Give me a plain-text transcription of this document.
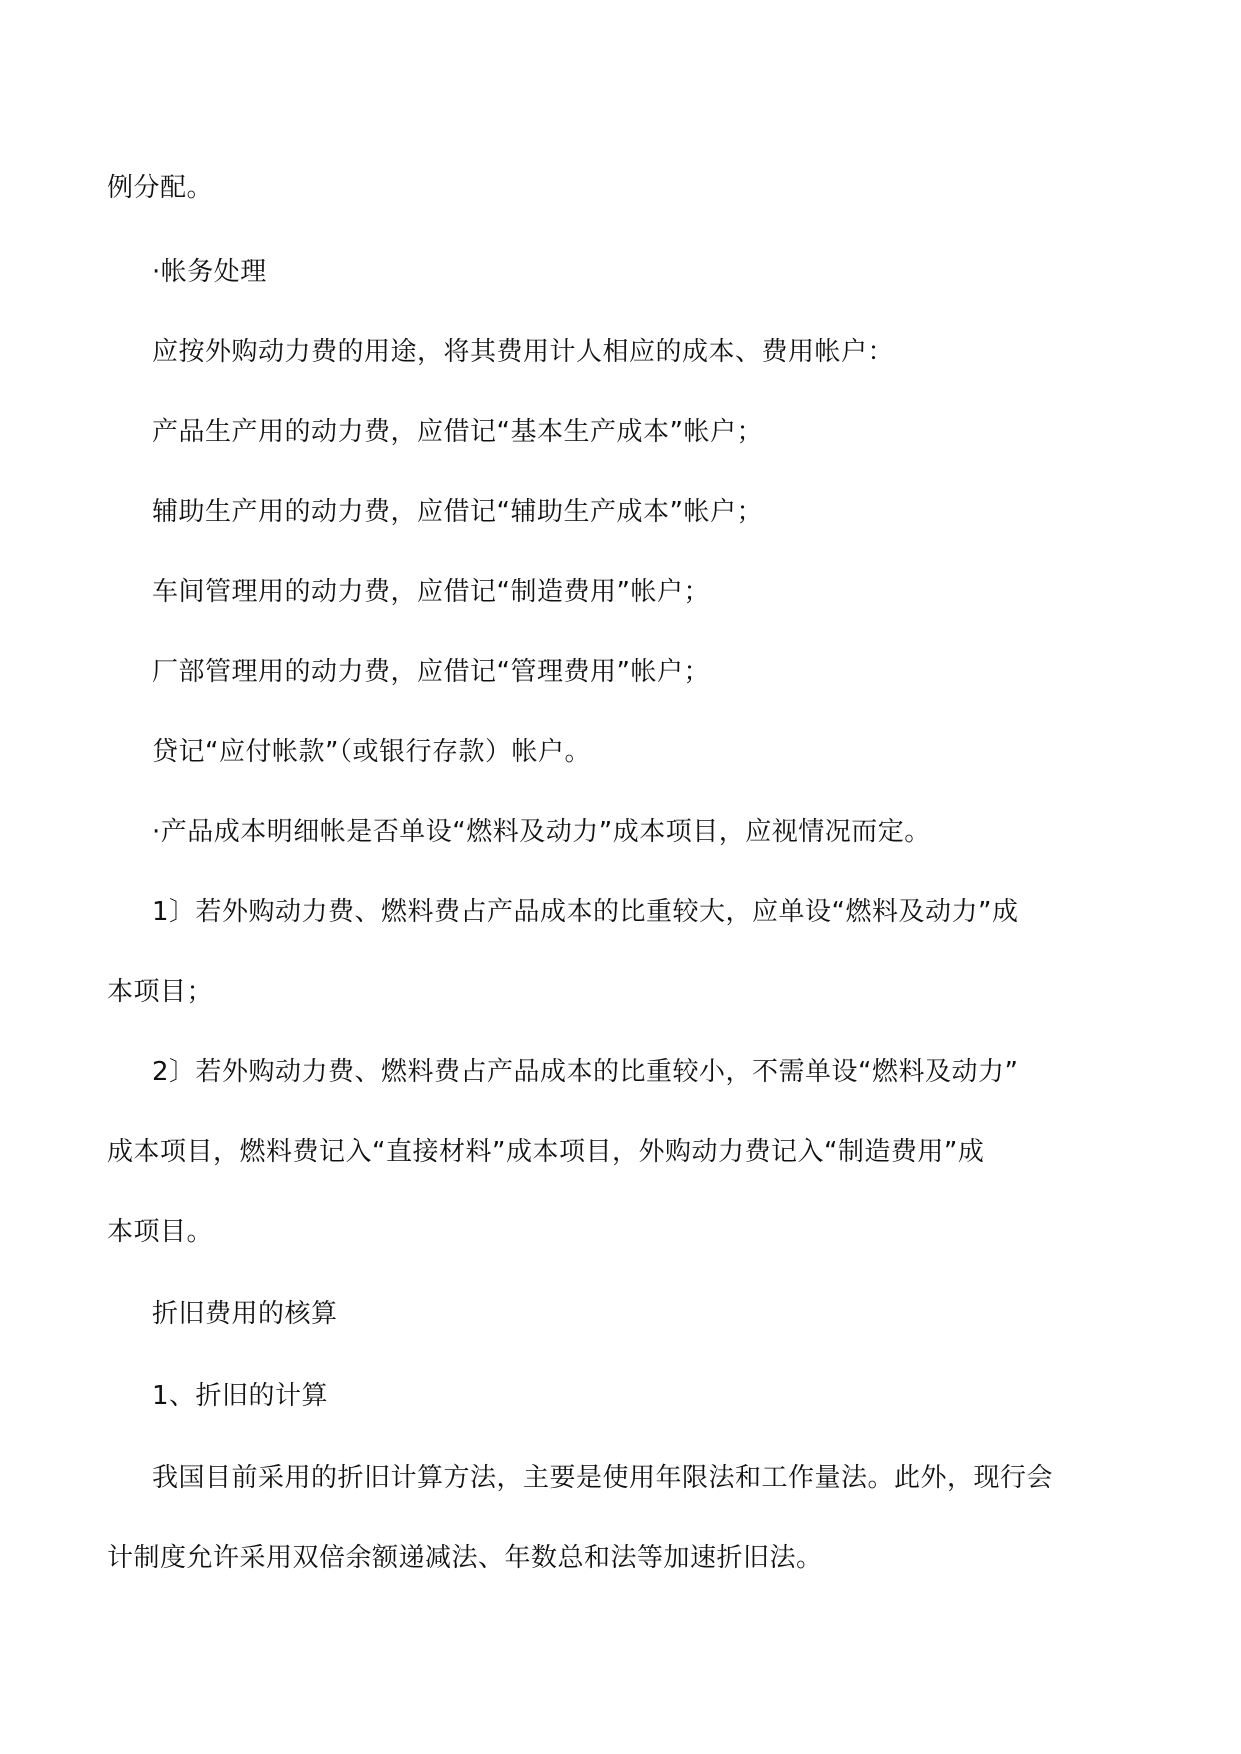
例分配。
·帐务处理
应按外购动力费的用途，将其费用计人相应的成本、费用帐户：
产品生产用的动力费，应借记“基本生产成本”帐户；
辅助生产用的动力费，应借记“辅助生产成本”帐户；
车间管理用的动力费，应借记“制造费用”帐户；
厂部管理用的动力费，应借记“管理费用”帐户；
贷记“应付帐款”（或银行存款）帐户。
·产品成本明细帐是否单设“燃料及动力”成本项目，应视情况而定。
1〕若外购动力费、燃料费占产品成本的比重较大，应单设“燃料及动力”成
本项目；
2〕若外购动力费、燃料费占产品成本的比重较小，不需单设“燃料及动力”
成本项目，燃料费记入“直接材料”成本项目，外购动力费记入“制造费用”成
本项目。
折旧费用的核算
1、折旧的计算
我国目前采用的折旧计算方法，主要是使用年限法和工作量法。此外，现行会
计制度允许采用双倍余额递减法、年数总和法等加速折旧法。
